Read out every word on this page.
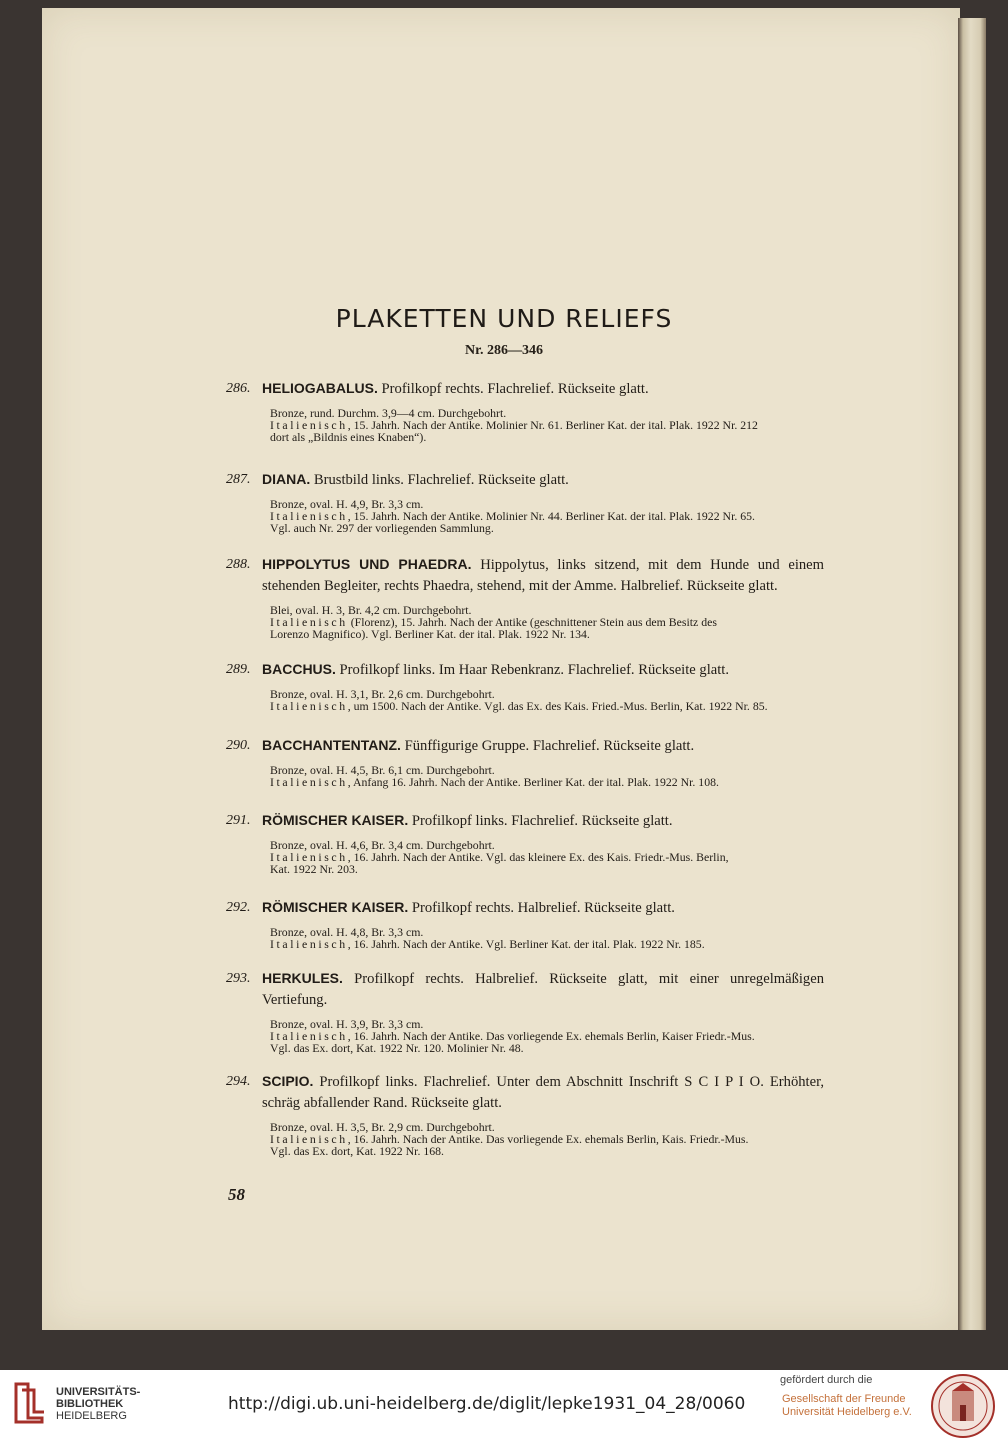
PLAKETTEN UND RELIEFS
Nr. 286—346
286. HELIOGABALUS. Profilkopf rechts. Flachrelief. Rückseite glatt.
Bronze, rund. Durchm. 3,9—4 cm. Durchgebohrt.
Italienisch, 15. Jahrh. Nach der Antike. Molinier Nr. 61. Berliner Kat. der ital. Plak. 1922 Nr. 212
dort als „Bildnis eines Knaben“).
287. DIANA. Brustbild links. Flachrelief. Rückseite glatt.
Bronze, oval. H. 4,9, Br. 3,3 cm.
Italienisch, 15. Jahrh. Nach der Antike. Molinier Nr. 44. Berliner Kat. der ital. Plak. 1922 Nr. 65.
Vgl. auch Nr. 297 der vorliegenden Sammlung.
288. HIPPOLYTUS UND PHAEDRA. Hippolytus, links sitzend, mit dem Hunde und einem stehenden Begleiter, rechts Phaedra, stehend, mit der Amme. Halbrelief. Rückseite glatt.
Blei, oval. H. 3, Br. 4,2 cm. Durchgebohrt.
Italienisch (Florenz), 15. Jahrh. Nach der Antike (geschnittener Stein aus dem Besitz des
Lorenzo Magnifico). Vgl. Berliner Kat. der ital. Plak. 1922 Nr. 134.
289. BACCHUS. Profilkopf links. Im Haar Rebenkranz. Flachrelief. Rückseite glatt.
Bronze, oval. H. 3,1, Br. 2,6 cm. Durchgebohrt.
Italienisch, um 1500. Nach der Antike. Vgl. das Ex. des Kais. Fried.-Mus. Berlin, Kat. 1922 Nr. 85.
290. BACCHANTENTANZ. Fünffigurige Gruppe. Flachrelief. Rückseite glatt.
Bronze, oval. H. 4,5, Br. 6,1 cm. Durchgebohrt.
Italienisch, Anfang 16. Jahrh. Nach der Antike. Berliner Kat. der ital. Plak. 1922 Nr. 108.
291. RÖMISCHER KAISER. Profilkopf links. Flachrelief. Rückseite glatt.
Bronze, oval. H. 4,6, Br. 3,4 cm. Durchgebohrt.
Italienisch, 16. Jahrh. Nach der Antike. Vgl. das kleinere Ex. des Kais. Friedr.-Mus. Berlin,
Kat. 1922 Nr. 203.
292. RÖMISCHER KAISER. Profilkopf rechts. Halbrelief. Rückseite glatt.
Bronze, oval. H. 4,8, Br. 3,3 cm.
Italienisch, 16. Jahrh. Nach der Antike. Vgl. Berliner Kat. der ital. Plak. 1922 Nr. 185.
293. HERKULES. Profilkopf rechts. Halbrelief. Rückseite glatt, mit einer unregelmäßigen Vertiefung.
Bronze, oval. H. 3,9, Br. 3,3 cm.
Italienisch, 16. Jahrh. Nach der Antike. Das vorliegende Ex. ehemals Berlin, Kaiser Friedr.-Mus.
Vgl. das Ex. dort, Kat. 1922 Nr. 120. Molinier Nr. 48.
294. SCIPIO. Profilkopf links. Flachrelief. Unter dem Abschnitt Inschrift S C I P I O. Erhöhter, schräg abfallender Rand. Rückseite glatt.
Bronze, oval. H. 3,5, Br. 2,9 cm. Durchgebohrt.
Italienisch, 16. Jahrh. Nach der Antike. Das vorliegende Ex. ehemals Berlin, Kais. Friedr.-Mus.
Vgl. das Ex. dort, Kat. 1922 Nr. 168.
58
UNIVERSITÄTS-
BIBLIOTHEK
HEIDELBERG
http://digi.ub.uni-heidelberg.de/diglit/lepke1931_04_28/0060
gefördert durch die
Gesellschaft der Freunde
Universität Heidelberg e.V.
